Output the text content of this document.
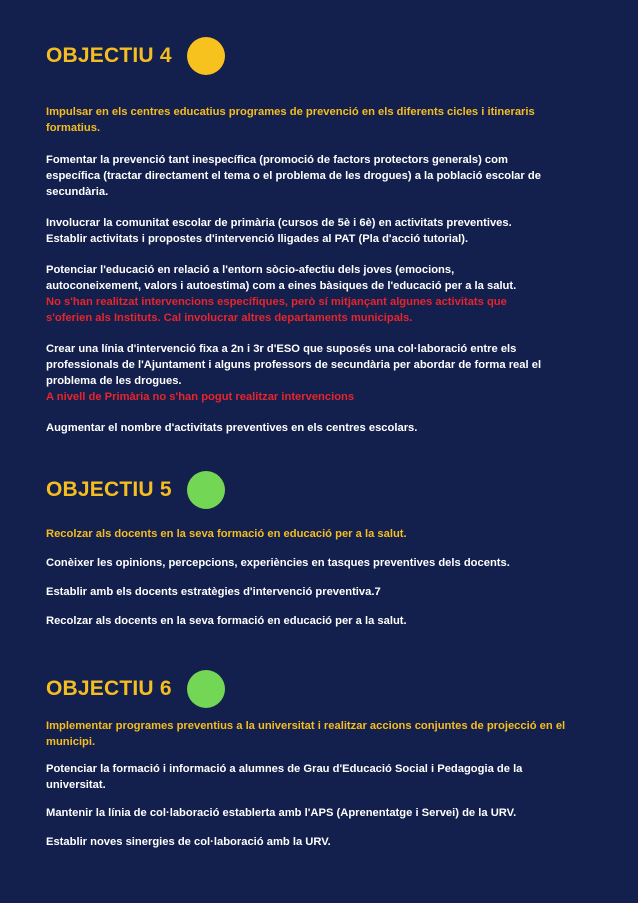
OBJECTIU 4

Impulsar en els centres educatius programes de prevenció en els diferents cicles i itineraris
formatius.

Fomentar la prevenció tant inespecífica (promoció de factors protectors generals) com
específica (tractar directament el tema o el problema de les drogues) a la població escolar de
secundària.

Involucrar la comunitat escolar de primària (cursos de 5è i 6è) en activitats preventives.
Establir activitats i propostes d'intervenció lligades al PAT (Pla d'acció tutorial).

Potenciar l'educació en relació a l'entorn sòcio-afectiu dels joves (emocions,
autoconeixement, valors i autoestima) com a eines bàsiques de l'educació per a la salut.

No s'han realitzat intervencions específiques, però sí mitjançant algunes activitats que
s'oferien als Instituts. Cal involucrar altres departaments municipals.

Crear una línia d'intervenció fixa a 2n i 3r d'ESO que suposés una col·laboració entre els
professionals de l'Ajuntament i alguns professors de secundària per abordar de forma real el
problema de les drogues.

A nivell de Primària no s'han pogut realitzar intervencions

Augmentar el nombre d'activitats preventives en els centres escolars.

OBJECTIU 5

Recolzar als docents en la seva formació en educació per a la salut.

Conèixer les opinions, percepcions, experiències en tasques preventives dels docents.

Establir amb els docents estratègies d'intervenció preventiva.7

Recolzar als docents en la seva formació en educació per a la salut.

OBJECTIU 6

Implementar programes preventius a la universitat i realitzar accions conjuntes de projecció en el
municipi.

Potenciar la formació i informació a alumnes de Grau d'Educació Social i Pedagogia de la
universitat.

Mantenir la línia de col·laboració establerta amb l'APS (Aprenentatge i Servei) de la URV.

Establir noves sinergies de col·laboració amb la URV.
